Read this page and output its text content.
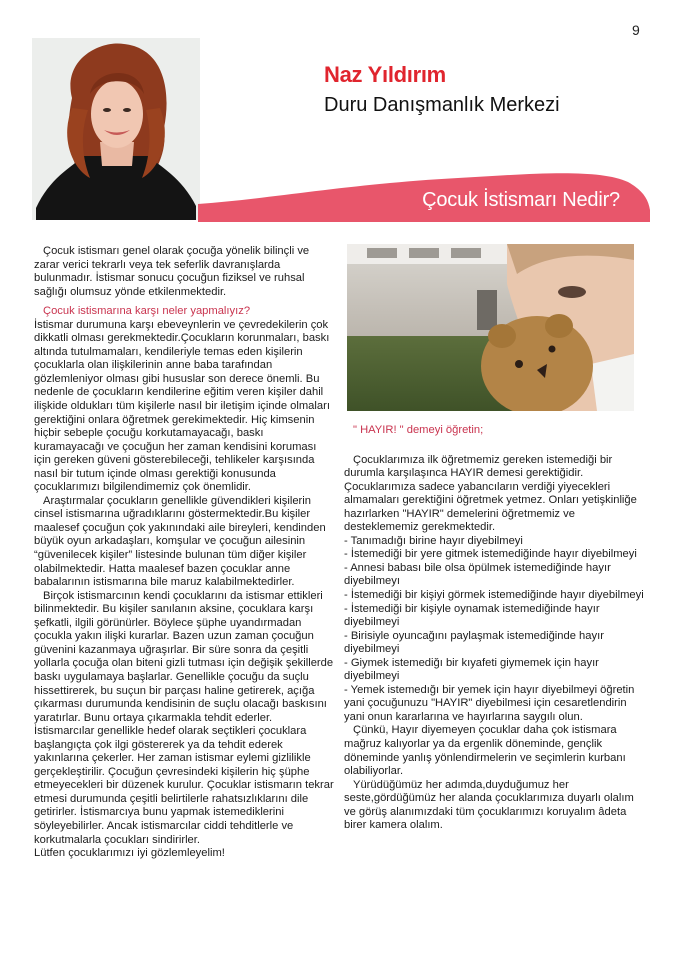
9
Naz Yıldırım
Duru Danışmanlık Merkezi
Çocuk İstismarı Nedir?

Çocuk istismarı genel olarak çocuğa yönelik bilinçli ve zarar verici tekrarlı veya tek seferlik davranışlarda bulunmadır. İstismar sonucu çocuğun fiziksel ve ruhsal sağlığı olumsuz yönde etkilenmektedir.

Çocuk istismarına karşı neler yapmalıyız?

İstismar durumuna karşı ebeveynlerin ve çevredekilerin çok dikkatli olması gerekmektedir.Çocukların korunmaları, baskı altında tutulmamaları, kendileriyle temas eden kişilerin çocuklarla olan ilişkilerinin anne baba tarafından gözlemleniyor olması gibi hususlar son derece önemli. Bu nedenle de çocukların kendilerine eğitim veren kişiler dahil ilişkide oldukları tüm kişilerle nasıl bir iletişim içinde olmaları gerektiğini onlara öğretmek gerekimektedir. Hiç kimsenin hiçbir sebeple çocuğu korkutamayacağı, baskı kuramayacağı ve çocuğun her zaman kendisini koruması için gereken güveni gösterebileceği, tehlikeler karşısında nasıl bir tutum içinde olması gerektiği konusunda çocuklarımızı bilgilendimemiz çok önemlidir.

Araştırmalar çocukların genellikle güvendikleri kişilerin cinsel istismarına uğradıklarını göstermektedir.Bu kişiler maalesef çocuğun çok yakınındaki aile bireyleri, kendinden büyük oyun arkadaşları, komşular ve çocuğun ailesinin “güvenilecek kişiler” listesinde bulunan tüm diğer kişiler olabilmektedir. Hatta maalesef bazen çocuklar anne babalarının istismarına bile maruz kalabilmektedirler.

Birçok istismarcının kendi çocuklarını da istismar ettikleri bilinmektedir. Bu kişiler sanılanın aksine, çocuklara karşı şefkatli, ilgili görünürler. Böylece şüphe uyandırmadan çocukla yakın ilişki kurarlar. Bazen uzun zaman çocuğun güvenini kazanmaya uğraşırlar. Bir süre sonra da çeşitli yollarla çocuğa olan biteni gizli tutması için değişik şekillerde baskı uygulamaya başlarlar. Genellikle çocuğu da suçlu hissettirerek, bu suçun bir parçası haline getirerek, açığa çıkarması durumunda kendisinin de suçlu olacağı baskısını yaratırlar. Bunu ortaya çıkarmakla tehdit ederler. İstismarcılar genellikle hedef olarak seçtikleri çocuklara başlangıçta çok ilgi göstererek ya da tehdit ederek yakınlarına çekerler. Her zaman istismar eylemi gizlilikle gerçekleştirilir. Çocuğun çevresindeki kişilerin hiç şüphe etmeyecekleri bir düzenek kurulur. Çocuklar istismarın tekrar etmesi durumunda çeşitli belirtilerle rahatsızlıklarını dile getirirler. İstismarcıya bunu yapmak istemediklerini söyleyebilirler. Ancak istismarcılar ciddi tehditlerle ve korkutmalarla çocukları sindirirler.

Lütfen çocuklarımızı iyi gözlemleyelim!

" HAYIR! " demeyi öğretin;

Çocuklarımıza ilk öğretmemiz gereken istemediği bir durumla karşılaşınca HAYIR demesi gerektiğidir. Çocuklarımıza sadece yabancıların verdiği yiyecekleri almamaları gerektiğini öğretmek yetmez. Onları yetişkinliğe hazırlarken "HAYIR" demelerini öğretmemiz ve desteklememiz gerekmektedir.

- Tanımadığı birine hayır diyebilmeyi

- İstemediği bir yere gitmek istemediğinde hayır diyebilmeyi

- Annesi babası bile olsa öpülmek istemediğinde hayır diyebilmeyı

- İstemediği bir kişiyi görmek istemediğinde hayır diyebilmeyi

- İstemediği bir kişiyle oynamak istemediğinde hayır diyebilmeyi

- Birisiyle oyuncağını paylaşmak istemediğinde hayır diyebilmeyi

- Giymek istemediğı bir kıyafeti giymemek için hayır diyebilmeyi

- Yemek istemedığı bir yemek için hayır diyebilmeyi öğretin yani çocuğunuzu "HAYIR" diyebilmesi için cesaretlendirin yani onun kararlarına ve hayırlarına saygılı olun.

Çünkü, Hayır diyemeyen çocuklar daha çok istismara mağruz kalıyorlar ya da ergenlik döneminde, gençlik döneminde yanlış yönlendirmelerin ve seçimlerin kurbanı olabiliyorlar.

Yürüdüğümüz her adımda,duyduğumuz her seste,gördüğümüz her alanda çocuklarımıza duyarlı olalım ve görüş alanımızdaki tüm çocuklarımızı koruyalım âdeta birer kamera olalım.
